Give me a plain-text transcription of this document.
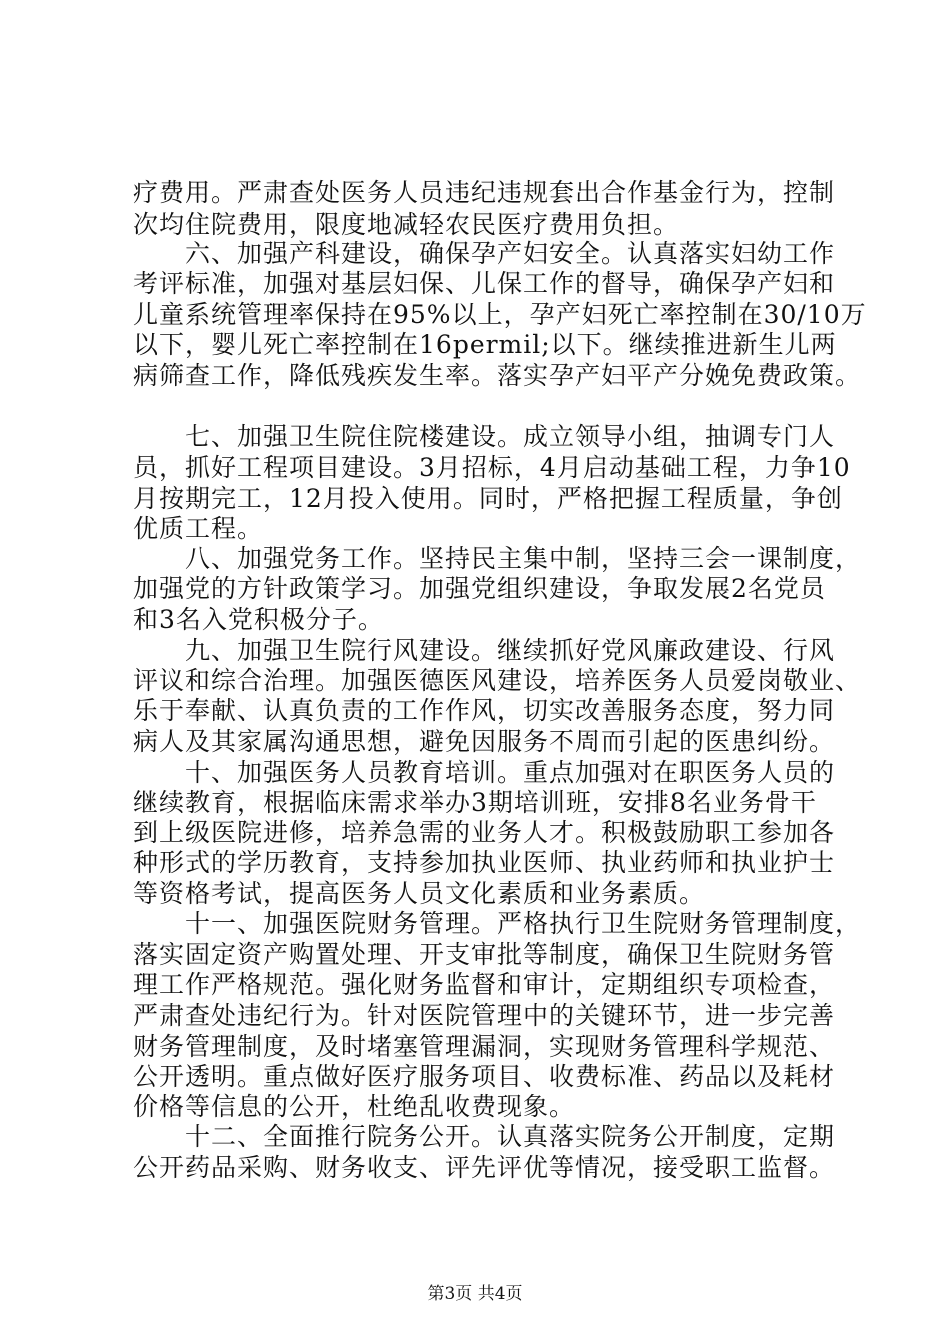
疗费用。严肃查处医务人员违纪违规套出合作基金行为，控制
次均住院费用，限度地减轻农民医疗费用负担。
　　六、加强产科建设，确保孕产妇安全。认真落实妇幼工作
考评标准，加强对基层妇保、儿保工作的督导，确保孕产妇和
儿童系统管理率保持在95%以上，孕产妇死亡率控制在30/10万
以下，婴儿死亡率控制在16permil;以下。继续推进新生儿两
病筛查工作，降低残疾发生率。落实孕产妇平产分娩免费政策。
　　七、加强卫生院住院楼建设。成立领导小组，抽调专门人
员，抓好工程项目建设。3月招标，4月启动基础工程，力争10
月按期完工，12月投入使用。同时，严格把握工程质量，争创
优质工程。
　　八、加强党务工作。坚持民主集中制，坚持三会一课制度，
加强党的方针政策学习。加强党组织建设，争取发展2名党员
和3名入党积极分子。
　　九、加强卫生院行风建设。继续抓好党风廉政建设、行风
评议和综合治理。加强医德医风建设，培养医务人员爱岗敬业、
乐于奉献、认真负责的工作作风，切实改善服务态度，努力同
病人及其家属沟通思想，避免因服务不周而引起的医患纠纷。
　　十、加强医务人员教育培训。重点加强对在职医务人员的
继续教育，根据临床需求举办3期培训班，安排8名业务骨干
到上级医院进修，培养急需的业务人才。积极鼓励职工参加各
种形式的学历教育，支持参加执业医师、执业药师和执业护士
等资格考试，提高医务人员文化素质和业务素质。
　　十一、加强医院财务管理。严格执行卫生院财务管理制度，
落实固定资产购置处理、开支审批等制度，确保卫生院财务管
理工作严格规范。强化财务监督和审计，定期组织专项检查，
严肃查处违纪行为。针对医院管理中的关键环节，进一步完善
财务管理制度，及时堵塞管理漏洞，实现财务管理科学规范、
公开透明。重点做好医疗服务项目、收费标准、药品以及耗材
价格等信息的公开，杜绝乱收费现象。
　　十二、全面推行院务公开。认真落实院务公开制度，定期
公开药品采购、财务收支、评先评优等情况，接受职工监督。
第3页 共4页
